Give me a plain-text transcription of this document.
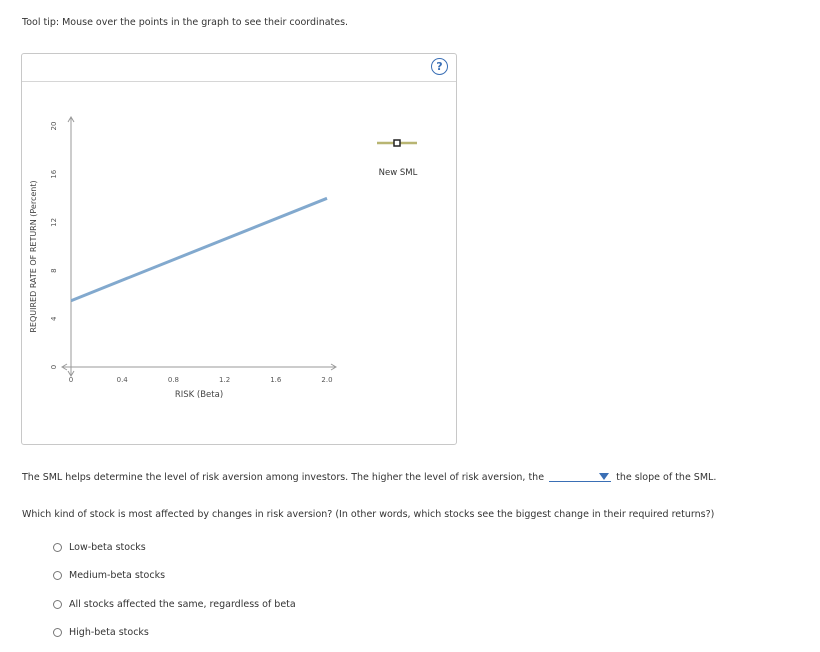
Tool tip: Mouse over the points in the graph to see their coordinates.
?
0	0.4	0.8	1.2	1.6	2.0
0
4
8
12
16
20
RISK (Beta)
REQUIRED RATE OF RETURN (Percent)
New SML
The SML helps determine the level of risk aversion among investors. The higher the level of risk aversion, the	the slope of the SML.
Which kind of stock is most affected by changes in risk aversion? (In other words, which stocks see the biggest change in their required returns?)
Low-beta stocks
Medium-beta stocks
All stocks affected the same, regardless of beta
High-beta stocks
